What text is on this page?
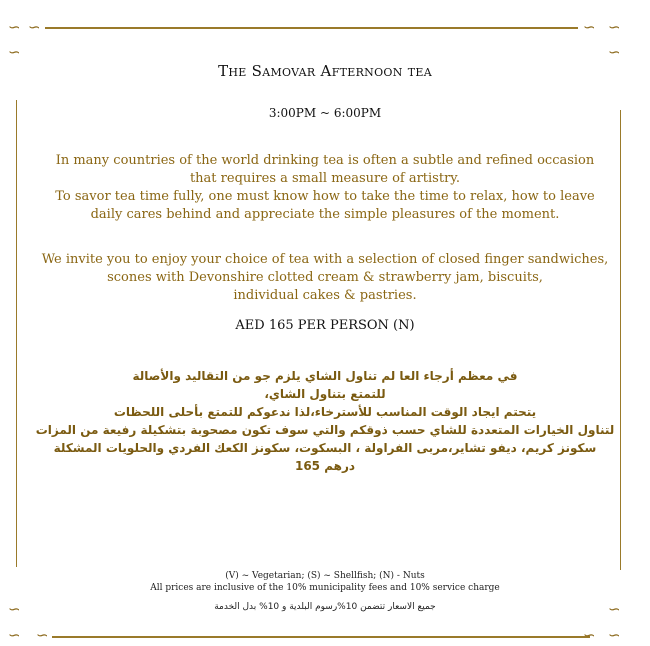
∽ ∽
∽
∽ ∽
∽
∽
∽ ∽
∽
∽ ∽
The Samovar Afternoon tea
3:00PM ~ 6:00PM
In many countries of the world drinking tea is often a subtle and refined occasion
that requires a small measure of artistry.
To savor tea time fully, one must know how to take the time to relax, how to leave
daily cares behind and appreciate the simple pleasures of the moment.
We invite you to enjoy your choice of tea with a selection of closed finger sandwiches,
scones with Devonshire clotted cream & strawberry jam, biscuits,
individual cakes & pastries.
AED 165 PER PERSON (N)
في معظم أرجاء العا لم تناول الشاي يلزم جو من التقاليد والأصالة
للتمتع بتناول الشاي،
يتحتم ايجاد الوقت المناسب للأسترخاء،لذا ندعوكم للتمتع بأحلى اللحظات
لتناول الخيارات المتعددة للشاي حسب ذوقكم والتي سوف تكون مصحوبة بتشكيلة رفيعة من المزات
سكونز كريم، ديفو تشاير،مربى الفراولة ، البسكوت، سكونز الكعك الفردي والحلويات المشكلة
درهم 165
(V) ~ Vegetarian; (S) ~ Shellfish; (N) - Nuts
All prices are inclusive of the 10% municipality fees and 10% service charge
جميع الاسعار تتضمن 10%رسوم البلدية و 10% بدل الخدمة
